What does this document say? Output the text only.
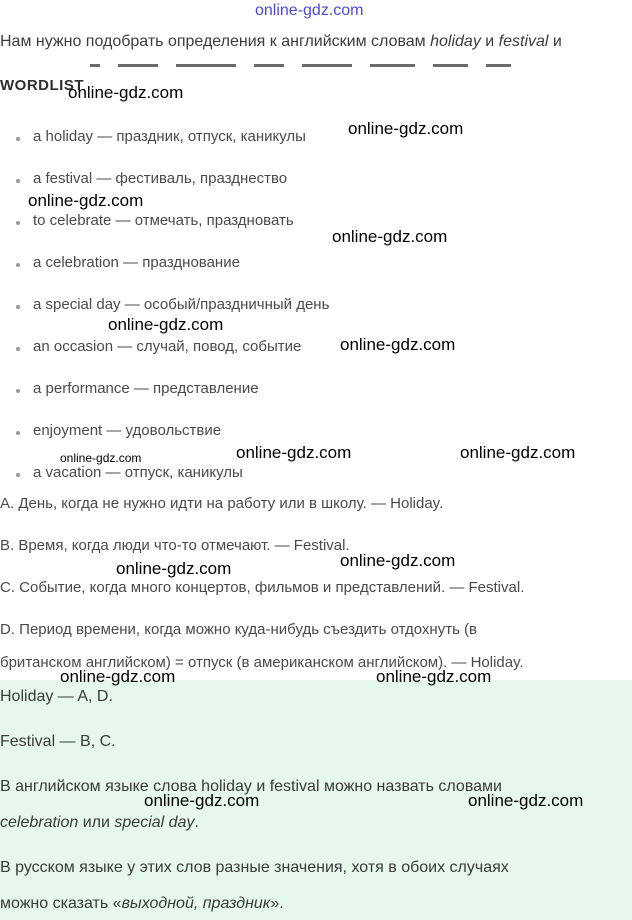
online-gdz.com
Нам нужно подобрать определения к английским словам holiday и festival и
WORDLIST
a holiday — праздник, отпуск, каникулы
a festival — фестиваль, празднество
to celebrate — отмечать, праздновать
a celebration — празднование
a special day — особый/праздничный день
an occasion — случай, повод, событие
a performance — представление
enjoyment — удовольствие
a vacation — отпуск, каникулы
А. День, когда не нужно идти на работу или в школу. — Holiday.
B. Время, когда люди что-то отмечают. — Festival.
C. Событие, когда много концертов, фильмов и представлений. — Festival.
D. Период времени, когда можно куда-нибудь съездить отдохнуть (в
британском английском) = отпуск (в американском английском). — Holiday.
Holiday — A, D.
Festival — B, C.
В английском языке слова holiday и festival можно назвать словами
celebration или special day.
В русском языке у этих слов разные значения, хотя в обоих случаях
можно сказать «выходной, праздник».
online-gdz.com
online-gdz.com
online-gdz.com
online-gdz.com
online-gdz.com
online-gdz.com
online-gdz.com	online-gdz.com	online-gdz.com
online-gdz.com
online-gdz.com
online-gdz.com	online-gdz.com
online-gdz.com	online-gdz.com
